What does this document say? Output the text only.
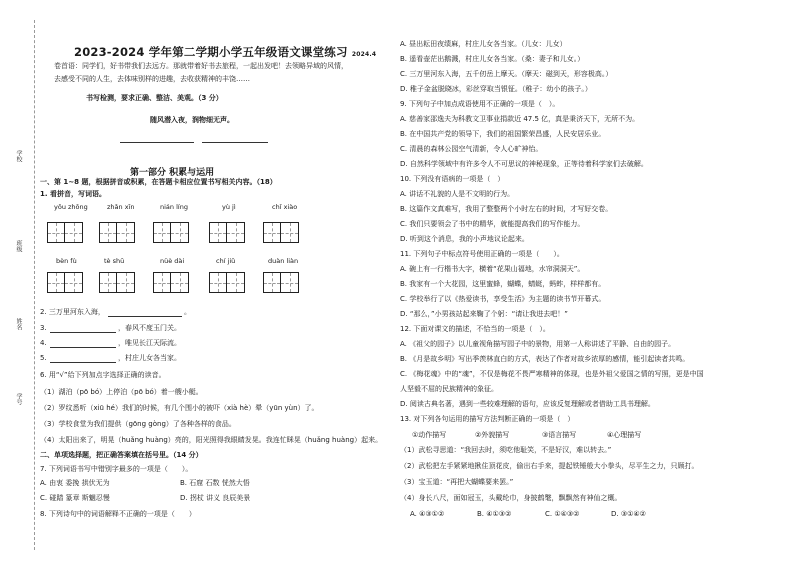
学校
班级
姓名
学号
2023-2024 学年第二学期小学五年级语文课堂练习 2024.4
卷首语：同学们，好书带我们去远方。那就带着好书去旅程，一起出发吧！去领略异域的风情，
去感受不同的人生，去体味别样的进趣，去收获精神的丰饶……
书写检测，要求正确、整洁、美观。（3 分）
随风潜入夜，润物细无声。
第一部分 积累与运用
一、第 1~8 题，根据拼音或积累，在答题卡相应位置书写相关内容。（18）
1. 看拼音，写词语。
yōu zhōng	zhǎn xīn	nián líng	yù jì	chǐ xiào
bèn fù	tè shū	nüè dài	chí jiǔ	duàn liàn
2. 三万里河东入海，	。
3.	，春风不度玉门关。
4.	，唯见长江天际流。
5.	，村庄儿女各当家。
6. 用“√”给下列加点字选择正确的读音。
（1）湖泊（pō bó）上停泊（pō bó）着一艘小艇。
（2）罗纹悉听（xiū hé）我们的时候，有几个围小的被吓（xià hè）晕（yūn yùn）了。
（3）学校食堂为我们提供（gōng gòng）了各种各样的食品。
（4）太阳出来了，明晃（huǎng huàng）亮的，阳光照得我眼睛发晃。我连忙眯晃（huǎng huàng）起来。
二、单项选择题，把正确答案填在括号里。（14 分）
7. 下列词语书写中错别字最多的一项是（　　）。
A. 由衷 委挽 拱伏无为	B. 石窟 石数 恍然大悟
C. 碰踏 篆章 斯魍忍慢	D. 拐杖 讲义 良辰美景
8. 下列诗句中的词语解释不正确的一项是（　　）
A. 昼出耘田夜绩麻，村庄儿女各当家。（儿女：儿女）
B. 遥看壶茫出鹅溅，村庄儿女各当家。（桑：妻子和儿女。）
C. 三万里河东入海，五千仞岳上摩天。（摩天：磁到天，形容极高。）
D. 稚子金盆脱晓冰，彩丝穿取当银钲。（稚子：幼小的孩子。）
9. 下列句子中加点成语使用不正确的一项是（　）。
A. 慈善家邵逸夫为科教文卫事业捐款近 47.5 亿，真是秉济天下，无所不为。
B. 在中国共产党的领导下，我们的祖国繁荣昌盛，人民安居乐业。
C. 清晨的森林公园空气清新，令人心旷神怡。
D. 自然科学领域中有许多令人不可思议的神秘现象，正等待着科学家们去破解。
10. 下列没有语病的一项是（　）
A. 讲话不礼貌的人是不文明的行为。
B. 这篇作文真难写，我用了整整两个小时左右的时间，才写好交卷。
C. 我们只要领会了书中的精华，就能提高我们的写作能力。
D. 听到这个消息，我的小声地议论起来。
11. 下列句子中标点符号使用正确的一项是（　　）。
A. 碗上有一行楷书大字，横着“花果山福地，水帘洞洞天”。
B. 我家有一个大花园，这里蜜蜂，蝴蝶，蜻蜓，蚂蚱，样样都有。
C. 学校举行了以《热爱读书，享受生活》为主题的读书节开幕式。
D. “那么，”小男孩站起来鞠了个躬：“请让我进去吧！”
12. 下面对课文的描述，不恰当的一项是（　）。
A. 《祖父的园子》以儿童视角描写园子中的景物，用第一人称讲述了平静、自由的园子。
B. 《月是故乡明》写出季羡林直白的方式，表达了作者对故乡浓厚的感情，能引起读者共鸣。
C. 《梅花魂》中的“魂”，不仅是梅花不畏严寒精神的体现，也是外祖父爱国之情的写照，更是中国
人坚毅不屈的民族精神的象征。
D. 阅读古典名著，遇到一些较难理解的语句，应该反复理解或者借助工具书理解。
13. 对下列各句运用的描写方法判断正确的一项是（　）
①动作描写	②外貌描写	③语言描写	④心理描写
（1）武松寻思道：“我回去时，须吃他耻笑，不是好汉，难以转去。”
（2）武松把左手紧紧地揪住顶花皮，偷出右手来，提起铁锤般大小拳头，尽平生之力，只顾打。
（3）宝玉道：“再把大蝴蝶要来罢。”
（4）身长八尺，面如冠玉，头戴纶巾，身披鹤氅，飘飘然有神仙之概。
A. ④③①②	B. ④①③②	C. ①④③②	D. ③①④②
